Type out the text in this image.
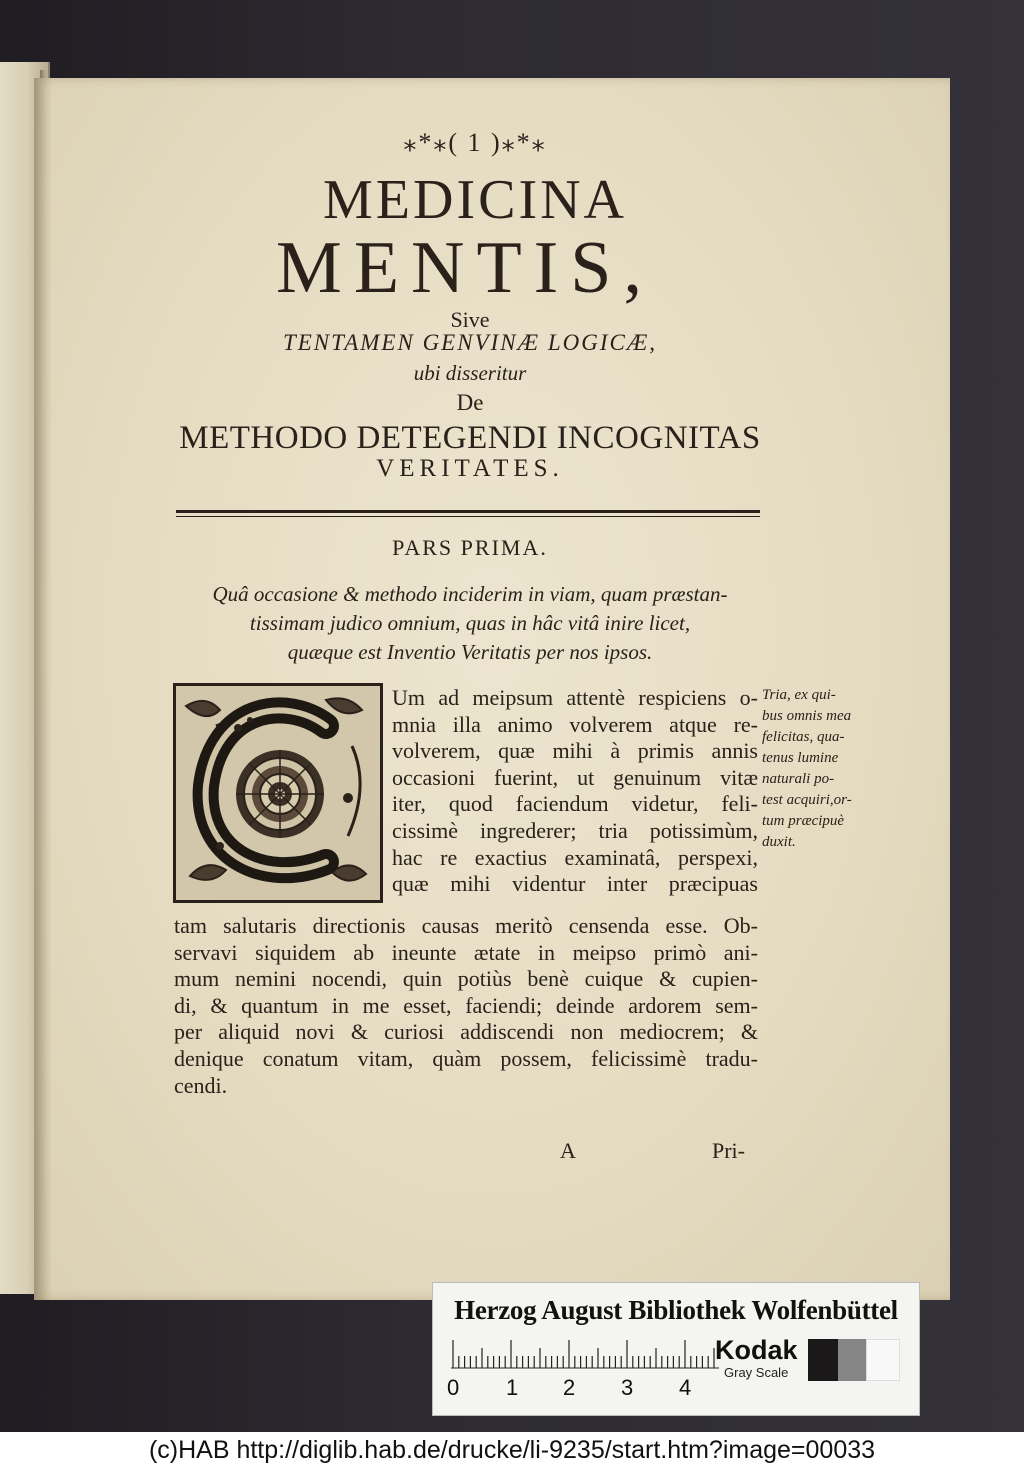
⁎*⁎( 1 )⁎*⁎
MEDICINA
MENTIS,
Sive
TENTAMEN GENVINÆ LOGICÆ,
ubi disseritur
De
METHODO DETEGENDI INCOGNITAS
VERITATES.
PARS PRIMA.
Quâ occasione & methodo inciderim in viam, quam præstan-
tissimam judico omnium, quas in hâc vitâ inire licet,
quæque est Inventio Veritatis per nos ipsos.
Um ad meipsum attentè respiciens o-
mnia illa animo volverem atque re-
volverem, quæ mihi à primis annis
occasioni fuerint, ut genuinum vitæ
iter, quod faciendum videtur, feli-
cissimè ingrederer; tria potissimùm,
hac re exactius examinatâ, perspexi,
quæ mihi videntur inter præcipuas
tam salutaris directionis causas meritò censenda esse. Ob-
servavi siquidem ab ineunte ætate in meipso primò ani-
mum nemini nocendi, quin potiùs benè cuique & cupien-
di, & quantum in me esset, faciendi; deinde ardorem sem-
per aliquid novi & curiosi addiscendi non mediocrem; &
denique conatum vitam, quàm possem, felicissimè tradu-
cendi.
Tria, ex qui-
bus omnis mea
felicitas, qua-
tenus lumine
naturali po-
test acquiri,or-
tum præcipuè
duxit.
A	Pri-
Herzog August Bibliothek Wolfenbüttel
0 1 2 3 4
Kodak
Gray Scale
(c)HAB http://diglib.hab.de/drucke/li-9235/start.htm?image=00033
